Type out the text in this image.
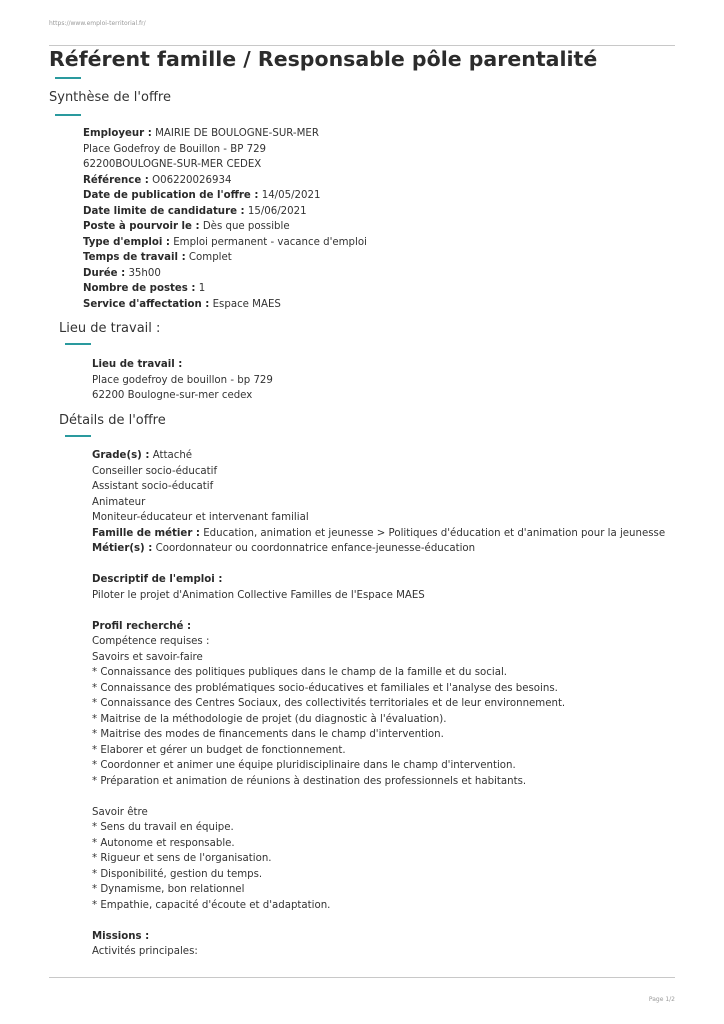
https://www.emploi-territorial.fr/
Référent famille / Responsable pôle parentalité
Synthèse de l'offre
Employeur : MAIRIE DE BOULOGNE-SUR-MER
Place Godefroy de Bouillon - BP 729
62200BOULOGNE-SUR-MER CEDEX
Référence : O06220026934
Date de publication de l'offre : 14/05/2021
Date limite de candidature : 15/06/2021
Poste à pourvoir le : Dès que possible
Type d'emploi : Emploi permanent - vacance d'emploi
Temps de travail : Complet
Durée : 35h00
Nombre de postes : 1
Service d'affectation : Espace MAES
Lieu de travail :
Lieu de travail :
Place godefroy de bouillon - bp 729
62200 Boulogne-sur-mer cedex
Détails de l'offre
Grade(s) : Attaché
Conseiller socio-éducatif
Assistant socio-éducatif
Animateur
Moniteur-éducateur et intervenant familial
Famille de métier : Education, animation et jeunesse > Politiques d'éducation et d'animation pour la jeunesse
Métier(s) : Coordonnateur ou coordonnatrice enfance-jeunesse-éducation
Descriptif de l'emploi :
Piloter le projet d'Animation Collective Familles de l'Espace MAES
Profil recherché :
Compétence requises :
Savoirs et savoir-faire
* Connaissance des politiques publiques dans le champ de la famille et du social.
* Connaissance des problématiques socio-éducatives et familiales et l'analyse des besoins.
* Connaissance des Centres Sociaux, des collectivités territoriales et de leur environnement.
* Maitrise de la méthodologie de projet (du diagnostic à l'évaluation).
* Maitrise des modes de financements dans le champ d'intervention.
* Elaborer et gérer un budget de fonctionnement.
* Coordonner et animer une équipe pluridisciplinaire dans le champ d'intervention.
* Préparation et animation de réunions à destination des professionnels et habitants.
Savoir être
* Sens du travail en équipe.
* Autonome et responsable.
* Rigueur et sens de l'organisation.
* Disponibilité, gestion du temps.
* Dynamisme, bon relationnel
* Empathie, capacité d'écoute et d'adaptation.
Missions :
Activités principales:
Page 1/2
